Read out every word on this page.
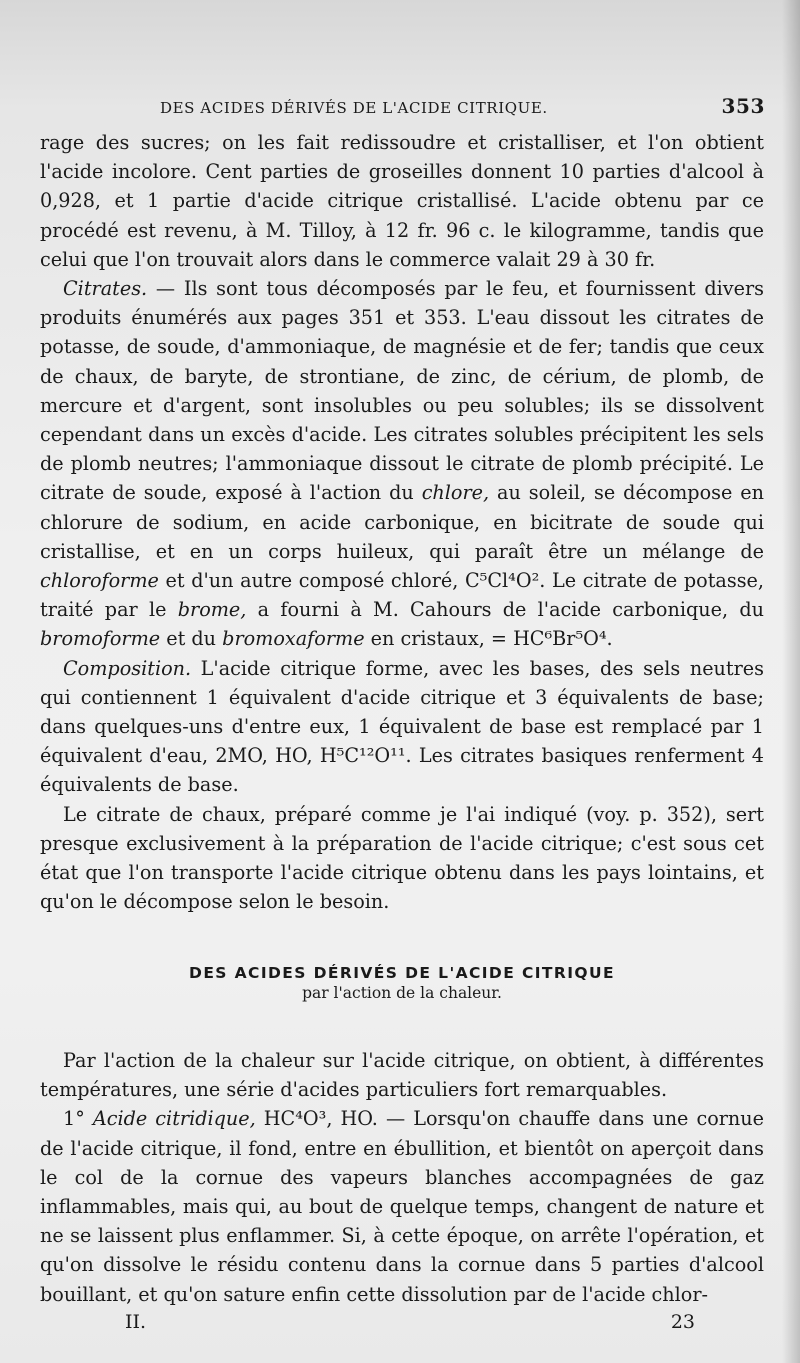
DES ACIDES DÉRIVÉS DE L'ACIDE CITRIQUE.	353

rage des sucres; on les fait redissoudre et cristalliser, et l'on obtient l'acide incolore. Cent parties de groseilles donnent 10 parties d'alcool à 0,928, et 1 partie d'acide citrique cristallisé. L'acide obtenu par ce procédé est revenu, à M. Tilloy, à 12 fr. 96 c. le kilogramme, tandis que celui que l'on trouvait alors dans le commerce valait 29 à 30 fr.

Citrates. — Ils sont tous décomposés par le feu, et fournissent divers produits énumérés aux pages 351 et 353. L'eau dissout les citrates de potasse, de soude, d'ammoniaque, de magnésie et de fer; tandis que ceux de chaux, de baryte, de strontiane, de zinc, de cérium, de plomb, de mercure et d'argent, sont insolubles ou peu solubles; ils se dissolvent cependant dans un excès d'acide. Les citrates solubles précipitent les sels de plomb neutres; l'ammoniaque dissout le citrate de plomb précipité. Le citrate de soude, exposé à l'action du chlore, au soleil, se décompose en chlorure de sodium, en acide carbonique, en bicitrate de soude qui cristallise, et en un corps huileux, qui paraît être un mélange de chloroforme et d'un autre composé chloré, C⁵Cl⁴O². Le citrate de potasse, traité par le brome, a fourni à M. Cahours de l'acide carbonique, du bromoforme et du bromoxaforme en cristaux, = HC⁶Br⁵O⁴.

Composition. L'acide citrique forme, avec les bases, des sels neutres qui contiennent 1 équivalent d'acide citrique et 3 équivalents de base; dans quelques-uns d'entre eux, 1 équivalent de base est remplacé par 1 équivalent d'eau, 2MO, HO, H⁵C¹²O¹¹. Les citrates basiques renferment 4 équivalents de base.

Le citrate de chaux, préparé comme je l'ai indiqué (voy. p. 352), sert presque exclusivement à la préparation de l'acide citrique; c'est sous cet état que l'on transporte l'acide citrique obtenu dans les pays lointains, et qu'on le décompose selon le besoin.

DES ACIDES DÉRIVÉS DE L'ACIDE CITRIQUE
par l'action de la chaleur.

Par l'action de la chaleur sur l'acide citrique, on obtient, à différentes températures, une série d'acides particuliers fort remarquables.

1° Acide citridique, HC⁴O³, HO. — Lorsqu'on chauffe dans une cornue de l'acide citrique, il fond, entre en ébullition, et bientôt on aperçoit dans le col de la cornue des vapeurs blanches accompagnées de gaz inflammables, mais qui, au bout de quelque temps, changent de nature et ne se laissent plus enflammer. Si, à cette époque, on arrête l'opération, et qu'on dissolve le résidu contenu dans la cornue dans 5 parties d'alcool bouillant, et qu'on sature enfin cette dissolution par de l'acide chlor-

II.	23
